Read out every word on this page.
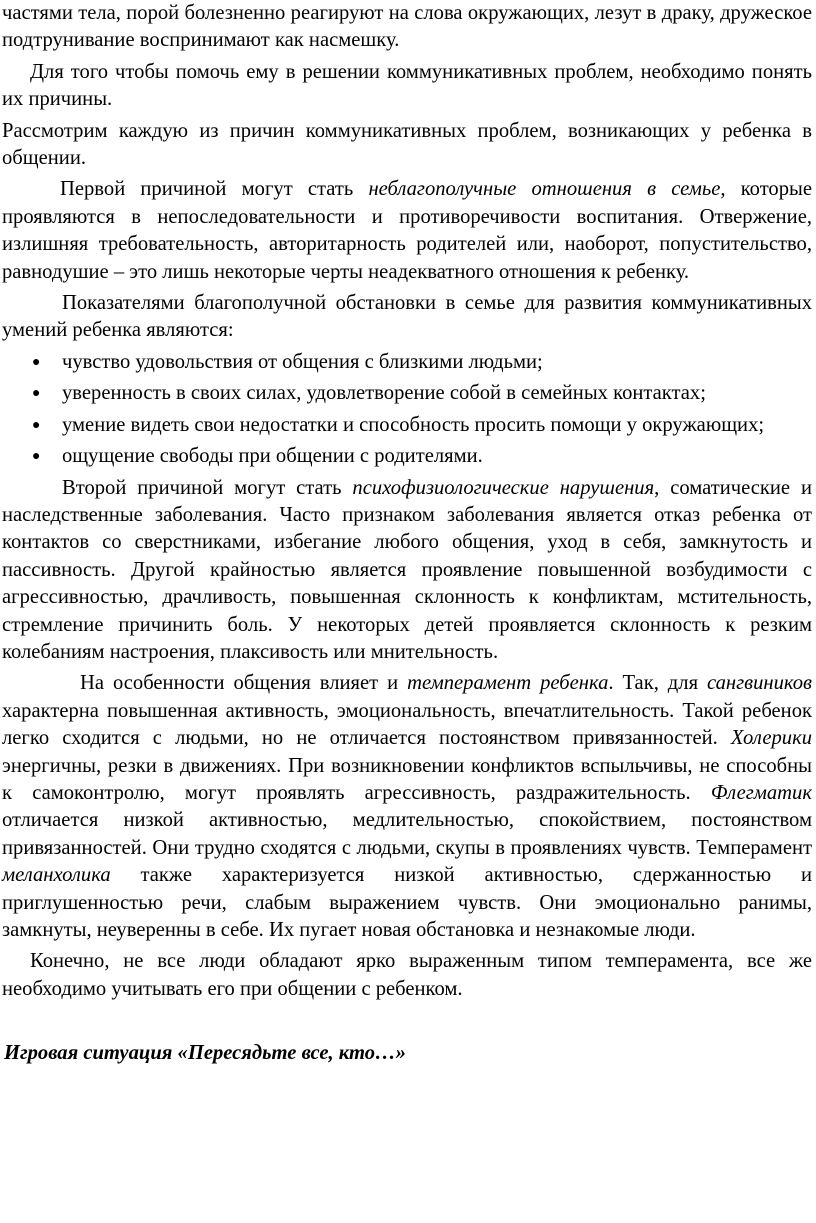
частями тела, порой болезненно реагируют на слова окружающих, лезут в драку, дружеское подтрунивание воспринимают как насмешку.

Для того чтобы помочь ему в решении коммуникативных проблем, необходимо понять их причины.

Рассмотрим каждую из причин коммуникативных проблем, возникающих у ребенка в общении.

Первой причиной могут стать неблагополучные отношения в семье, которые проявляются в непоследовательности и противоречивости воспитания. Отвержение, излишняя требовательность, авторитарность родителей или, наоборот, попустительство, равнодушие – это лишь некоторые черты неадекватного отношения к ребенку.

Показателями благополучной обстановки в семье для развития коммуникативных умений ребенка являются:

● чувство удовольствия от общения с близкими людьми;
● уверенность в своих силах, удовлетворение собой в семейных контактах;
● умение видеть свои недостатки и способность просить помощи у окружающих;
● ощущение свободы при общении с родителями.

Второй причиной могут стать психофизиологические нарушения, соматические и наследственные заболевания. Часто признаком заболевания является отказ ребенка от контактов со сверстниками, избегание любого общения, уход в себя, замкнутость и пассивность. Другой крайностью является проявление повышенной возбудимости с агрессивностью, драчливость, повышенная склонность к конфликтам, мстительность, стремление причинить боль. У некоторых детей проявляется склонность к резким колебаниям настроения, плаксивость или мнительность.

На особенности общения влияет и темперамент ребенка. Так, для сангвиников характерна повышенная активность, эмоциональность, впечатлительность. Такой ребенок легко сходится с людьми, но не отличается постоянством привязанностей. Холерики энергичны, резки в движениях. При возникновении конфликтов вспыльчивы, не способны к самоконтролю, могут проявлять агрессивность, раздражительность. Флегматик отличается низкой активностью, медлительностью, спокойствием, постоянством привязанностей. Они трудно сходятся с людьми, скупы в проявлениях чувств. Темперамент меланхолика также характеризуется низкой активностью, сдержанностью и приглушенностью речи, слабым выражением чувств. Они эмоционально ранимы, замкнуты, неуверенны в себе. Их пугает новая обстановка и незнакомые люди.

Конечно, не все люди обладают ярко выраженным типом темперамента, все же необходимо учитывать его при общении с ребенком.

Игровая ситуация «Пересядьте все, кто…»
